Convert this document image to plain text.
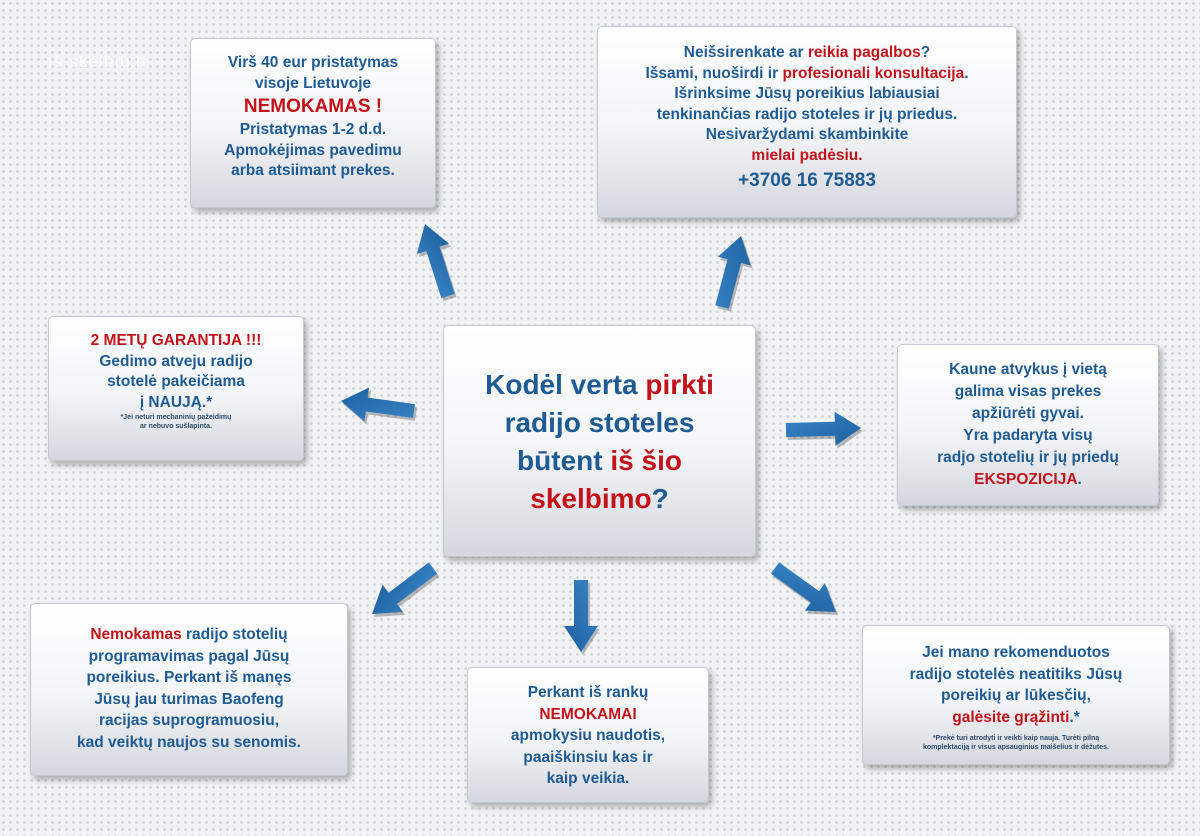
iš skelbiu.lt	Virš 40 eur pristatymas
visoje Lietuvoje
NEMOKAMAS !
Pristatymas 1-2 d.d.
Apmokėjimas pavedimu
arba atsiimant prekes.
Neišsirenkate ar reikia pagalbos?
Išsami, nuoširdi ir profesionali konsultacija.
Išrinksime Jūsų poreikius labiausiai
tenkinančias radijo stoteles ir jų priedus.
Nesivaržydami skambinkite
mielai padėsiu.
+3706 16 75883
2 METŲ GARANTIJA !!!
Gedimo atveju radijo
stotelė pakeičiama
į NAUJĄ.*
*Jei neturi mechaninių pažeidimų
ar nebuvo sušlapinta.
Kodėl verta pirkti
radijo stoteles
būtent iš šio
skelbimo?
Kaune atvykus į vietą
galima visas prekes
apžiūrėti gyvai.
Yra padaryta visų
radjo stotelių ir jų priedų
EKSPOZICIJA.
Nemokamas radijo stotelių
programavimas pagal Jūsų
poreikius. Perkant iš manęs
Jūsų jau turimas Baofeng
racijas suprogramuosiu,
kad veiktų naujos su senomis.
Perkant iš rankų
NEMOKAMAI
apmokysiu naudotis,
paaiškinsiu kas ir
kaip veikia.
Jei mano rekomenduotos
radijo stotelės neatitiks Jūsų
poreikių ar lūkesčių,
galėsite grąžinti.*
*Prekė turi atrodyti ir veikti kaip nauja. Turėti pilną
komplektaciją ir visus apsauginius maišelius ir dėžutes.
